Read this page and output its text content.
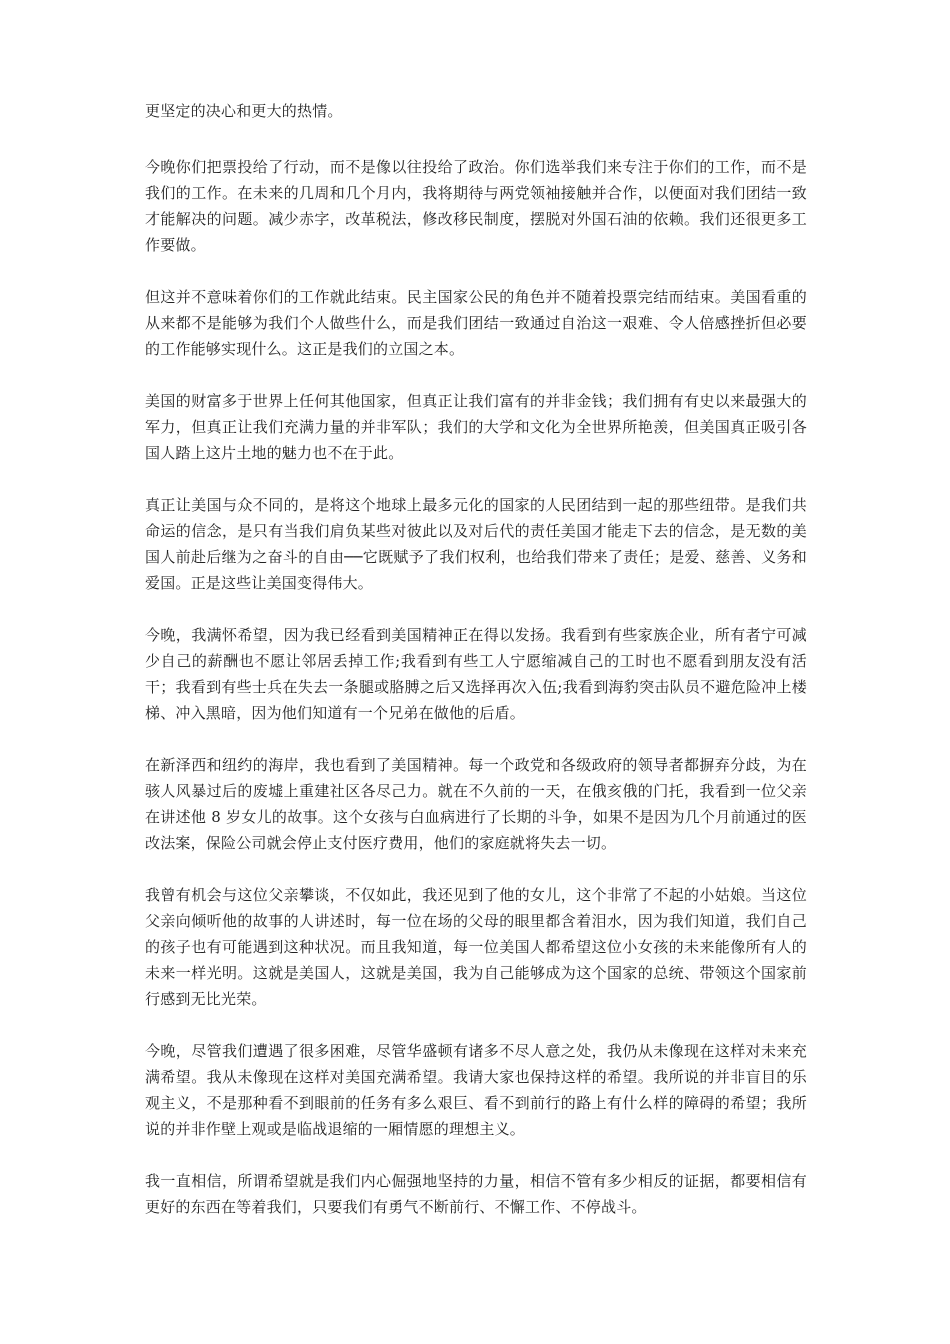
更坚定的决心和更大的热情。

今晚你们把票投给了行动，而不是像以往投给了政治。你们选举我们来专注于你们的工作，而不是我们的工作。在未来的几周和几个月内，我将期待与两党领袖接触并合作，以便面对我们团结一致才能解决的问题。减少赤字，改革税法，修改移民制度，摆脱对外国石油的依赖。我们还很更多工作要做。

但这并不意味着你们的工作就此结束。民主国家公民的角色并不随着投票完结而结束。美国看重的从来都不是能够为我们个人做些什么，而是我们团结一致通过自治这一艰难、令人倍感挫折但必要的工作能够实现什么。这正是我们的立国之本。

美国的财富多于世界上任何其他国家，但真正让我们富有的并非金钱；我们拥有有史以来最强大的军力，但真正让我们充满力量的并非军队；我们的大学和文化为全世界所艳羡，但美国真正吸引各国人踏上这片土地的魅力也不在于此。

真正让美国与众不同的，是将这个地球上最多元化的国家的人民团结到一起的那些纽带。是我们共命运的信念，是只有当我们肩负某些对彼此以及对后代的责任美国才能走下去的信念，是无数的美国人前赴后继为之奋斗的自由──它既赋予了我们权利，也给我们带来了责任；是爱、慈善、义务和爱国。正是这些让美国变得伟大。

今晚，我满怀希望，因为我已经看到美国精神正在得以发扬。我看到有些家族企业，所有者宁可减少自己的薪酬也不愿让邻居丢掉工作;我看到有些工人宁愿缩减自己的工时也不愿看到朋友没有活干；我看到有些士兵在失去一条腿或胳膊之后又选择再次入伍;我看到海豹突击队员不避危险冲上楼梯、冲入黑暗，因为他们知道有一个兄弟在做他的后盾。

在新泽西和纽约的海岸，我也看到了美国精神。每一个政党和各级政府的领导者都摒弃分歧，为在骇人风暴过后的废墟上重建社区各尽己力。就在不久前的一天，在俄亥俄的门托，我看到一位父亲在讲述他 8 岁女儿的故事。这个女孩与白血病进行了长期的斗争，如果不是因为几个月前通过的医改法案，保险公司就会停止支付医疗费用，他们的家庭就将失去一切。

我曾有机会与这位父亲攀谈，不仅如此，我还见到了他的女儿，这个非常了不起的小姑娘。当这位父亲向倾听他的故事的人讲述时，每一位在场的父母的眼里都含着泪水，因为我们知道，我们自己的孩子也有可能遇到这种状况。而且我知道，每一位美国人都希望这位小女孩的未来能像所有人的未来一样光明。这就是美国人，这就是美国，我为自己能够成为这个国家的总统、带领这个国家前行感到无比光荣。

今晚，尽管我们遭遇了很多困难，尽管华盛顿有诸多不尽人意之处，我仍从未像现在这样对未来充满希望。我从未像现在这样对美国充满希望。我请大家也保持这样的希望。我所说的并非盲目的乐观主义，不是那种看不到眼前的任务有多么艰巨、看不到前行的路上有什么样的障碍的希望；我所说的并非作壁上观或是临战退缩的一厢情愿的理想主义。

我一直相信，所谓希望就是我们内心倔强地坚持的力量，相信不管有多少相反的证据，都要相信有更好的东西在等着我们，只要我们有勇气不断前行、不懈工作、不停战斗。
